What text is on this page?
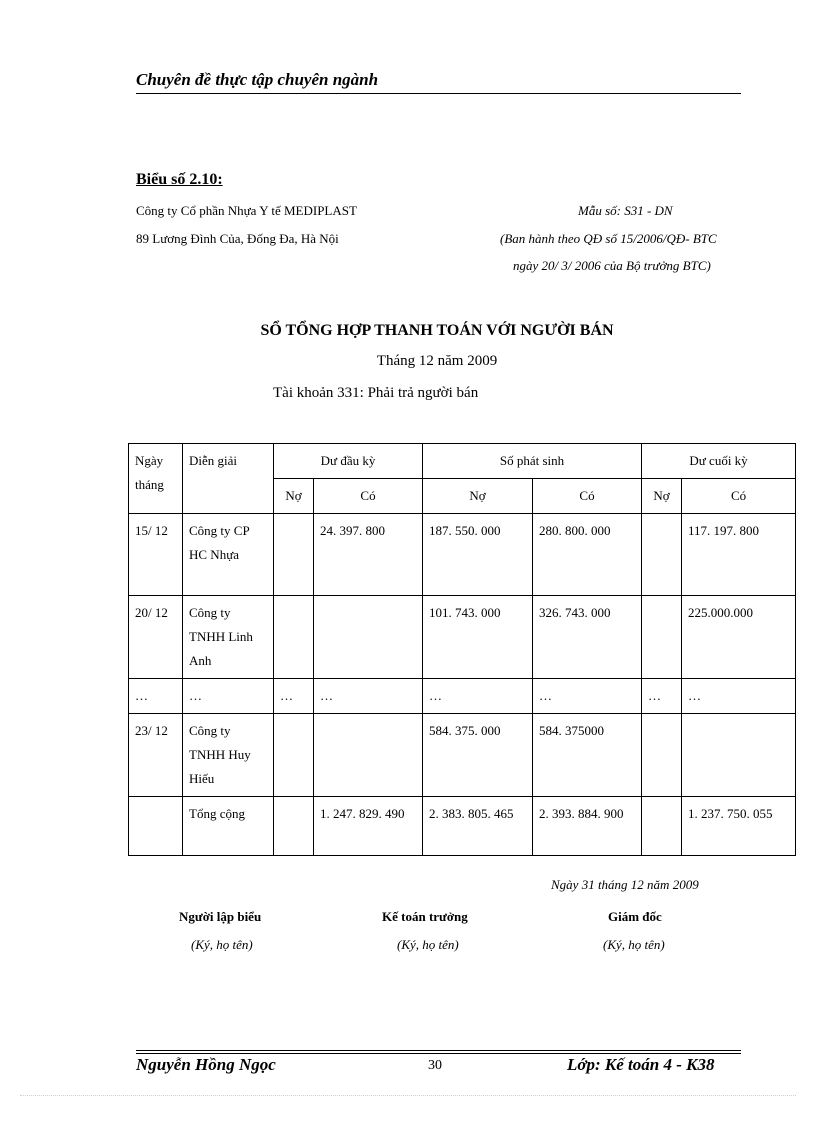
Chuyên đề thực tập chuyên ngành
Biểu số 2.10:
Công ty Cổ phần Nhựa Y tế MEDIPLAST
89 Lương Đình Của, Đống Đa, Hà Nội
Mẫu số: S31 - DN
(Ban hành theo QĐ số 15/2006/QĐ- BTC
ngày 20/ 3/ 2006 của Bộ trưởng BTC)
SỔ TỔNG HỢP THANH TOÁN VỚI NGƯỜI BÁN
Tháng 12 năm 2009
Tài khoản 331: Phải trả người bán
Ngày tháng	Diễn giải	Dư đầu kỳ		Số phát sinh		Dư cuối kỳ	
		Nợ	Có	Nợ	Có	Nợ	Có
15/ 12	Công ty CP HC Nhựa		24. 397. 800	187. 550. 000	280. 800. 000		117. 197. 800
20/ 12	Công ty TNHH Linh Anh			101. 743. 000	326. 743. 000		225.000.000
…	…	…	…	…	…	…	…
23/ 12	Công ty TNHH Huy Hiếu			584. 375. 000	584. 375000		
	Tổng cộng		1. 247. 829. 490	2. 383. 805. 465	2. 393. 884. 900		1. 237. 750. 055
Ngày 31 tháng 12 năm 2009
Người lập biểu	Kế toán trưởng	Giám đốc
(Ký, họ tên)	(Ký, họ tên)	(Ký, họ tên)
Nguyễn Hồng Ngọc	30	Lớp: Kế toán 4 - K38
